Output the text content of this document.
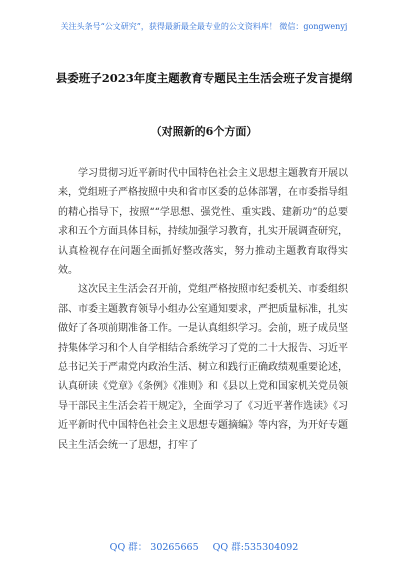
关注头条号“公文研究”，获得最新最全最专业的公文资料库！ 微信：gongwenyj
县委班子2023年度主题教育专题民主生活会班子发言提纲
（对照新的6个方面）

学习贯彻习近平新时代中国特色社会主义思想主题教育开展以来，党组班子严格按照中央和省市区委的总体部署，在市委指导组的精心指导下，按照““学思想、强党性、重实践、建新功”的总要求和五个方面具体目标，持续加强学习教育，扎实开展调查研究，认真检视存在问题全面抓好整改落实，努力推动主题教育取得实效。

这次民主生活会召开前，党组严格按照市纪委机关、市委组织部、市委主题教育领导小组办公室通知要求，严把质量标准，扎实做好了各项前期准备工作。一是认真组织学习。会前，班子成员坚持集体学习和个人自学相结合系统学习了党的二十大报告、习近平总书记关于严肃党内政治生活、树立和践行正确政绩观重要论述，认真研读《党章》《条例》《准则》和《县以上党和国家机关党员领导干部民主生活会若干规定》，全面学习了《习近平著作选读》《习近平新时代中国特色社会主义思想专题摘编》等内容，为开好专题民主生活会统一了思想，打牢了

QQ 群： 30265665 QQ 群:535304092
